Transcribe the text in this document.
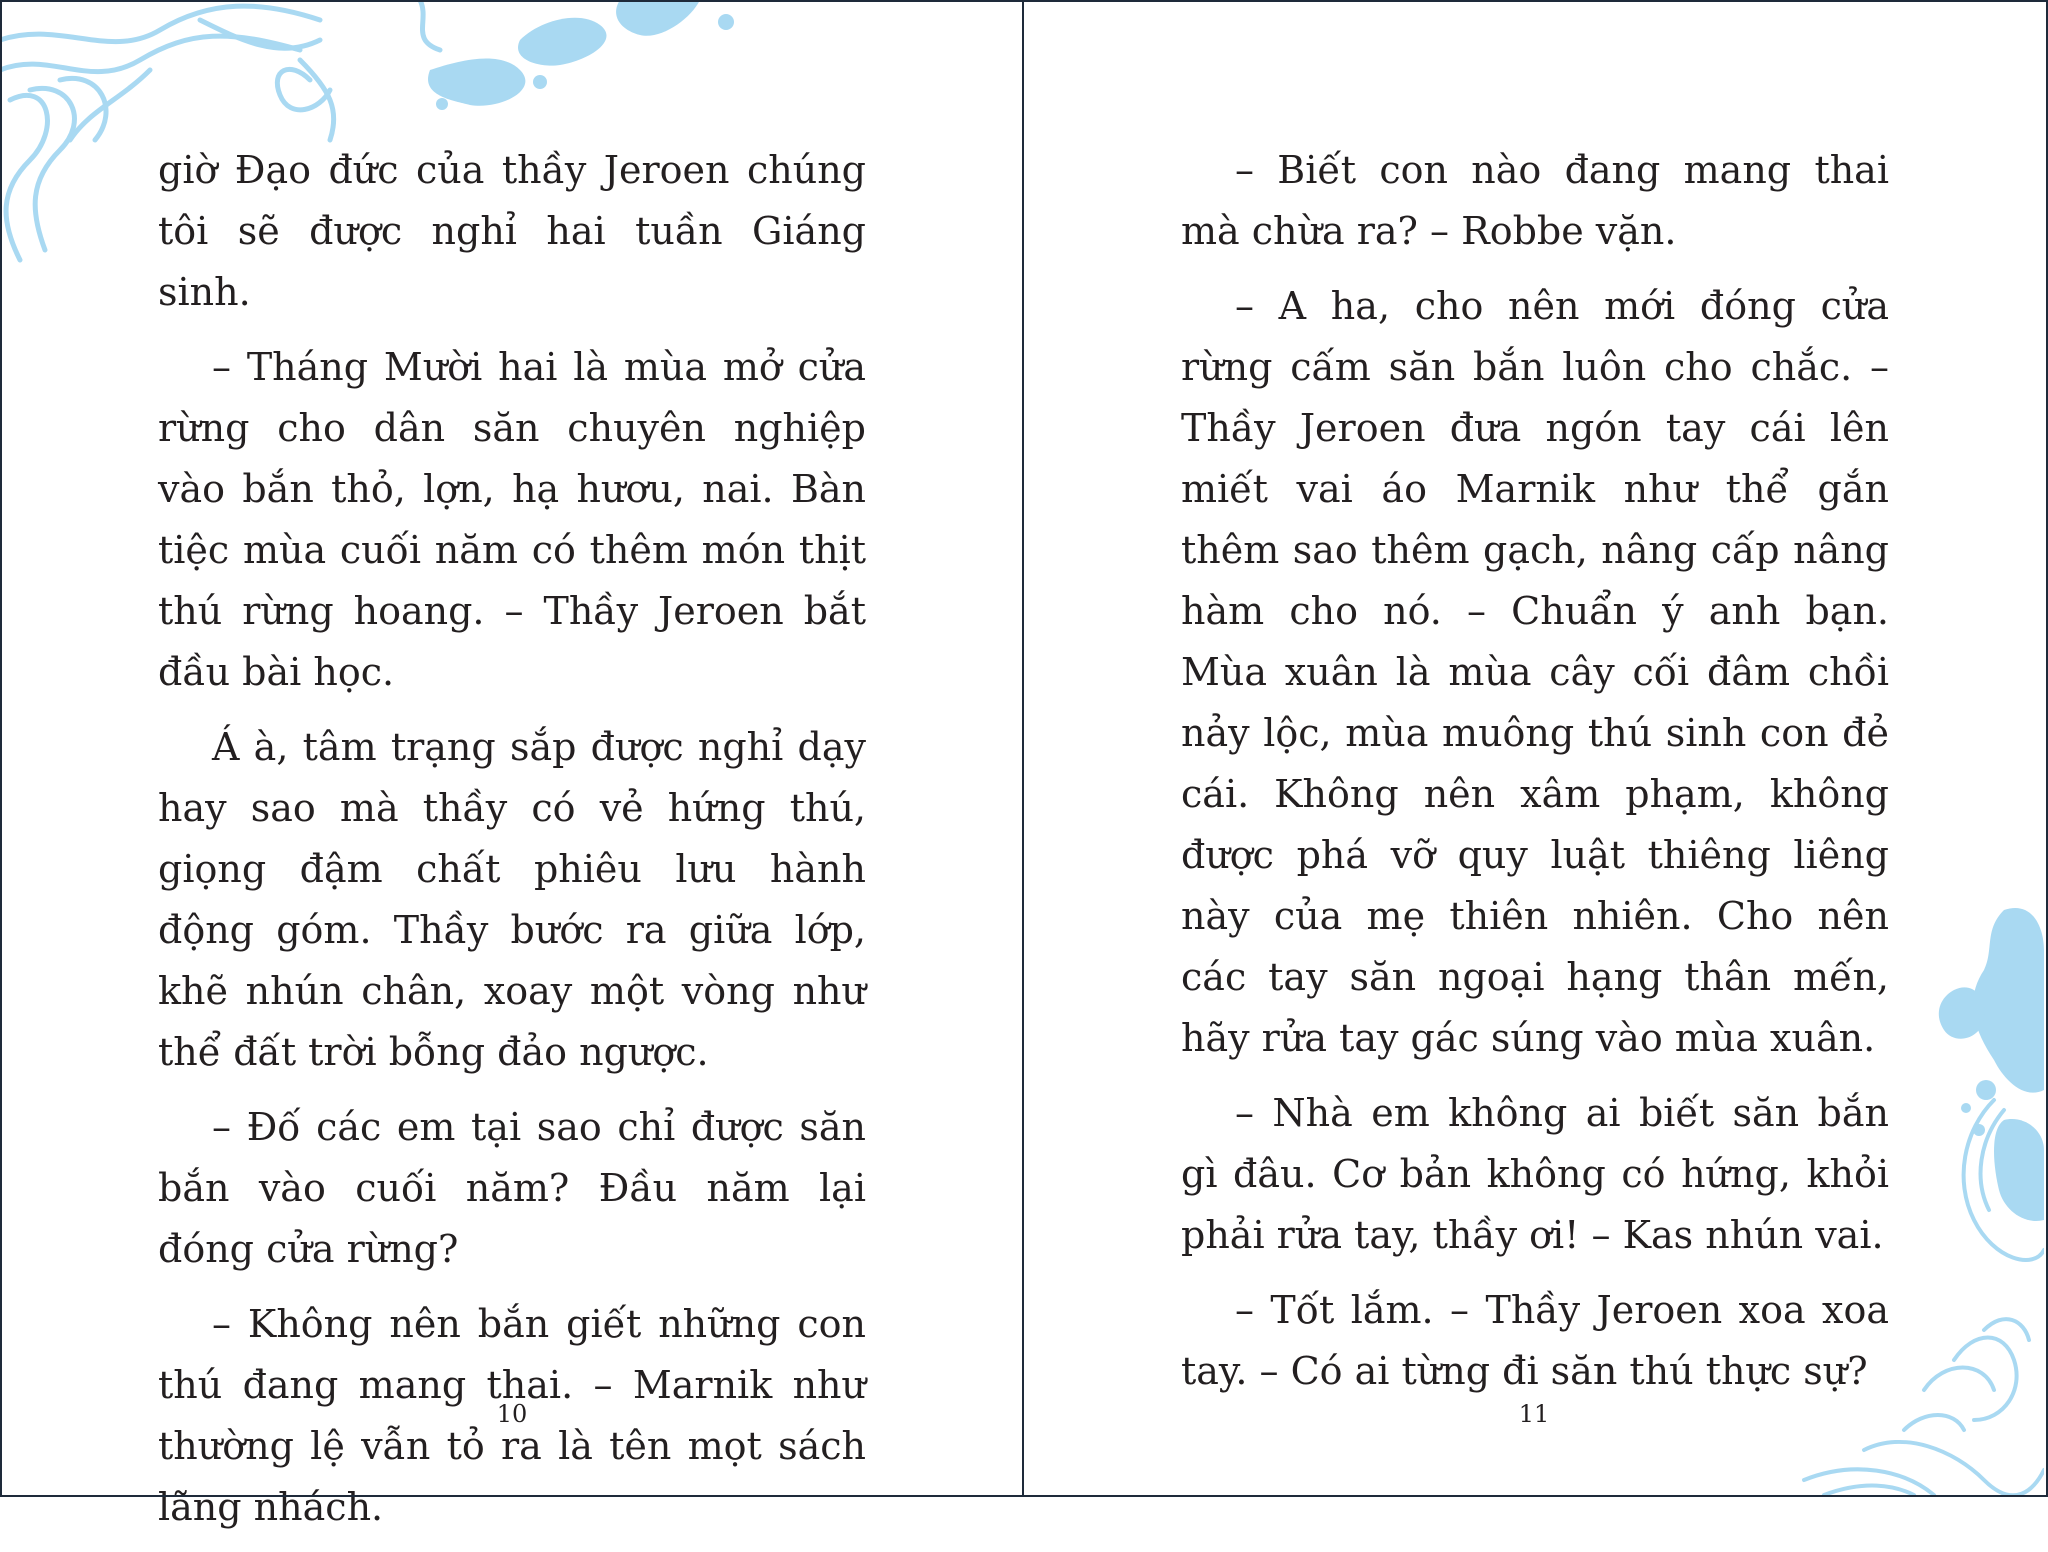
giờ Đạo đức của thầy Jeroen chúng tôi sẽ được nghỉ hai tuần Giáng sinh.

– Tháng Mười hai là mùa mở cửa rừng cho dân săn chuyên nghiệp vào bắn thỏ, lợn, hạ hươu, nai. Bàn tiệc mùa cuối năm có thêm món thịt thú rừng hoang. – Thầy Jeroen bắt đầu bài học.

Á à, tâm trạng sắp được nghỉ dạy hay sao mà thầy có vẻ hứng thú, giọng đậm chất phiêu lưu hành động góm. Thầy bước ra giữa lớp, khẽ nhún chân, xoay một vòng như thể đất trời bỗng đảo ngược.

– Đố các em tại sao chỉ được săn bắn vào cuối năm? Đầu năm lại đóng cửa rừng?

– Không nên bắn giết những con thú đang mang thai. – Marnik như thường lệ vẫn tỏ ra là tên mọt sách lãng nhách.

10

– Biết con nào đang mang thai mà chừa ra? – Robbe vặn.

– A ha, cho nên mới đóng cửa rừng cấm săn bắn luôn cho chắc. – Thầy Jeroen đưa ngón tay cái lên miết vai áo Marnik như thể gắn thêm sao thêm gạch, nâng cấp nâng hàm cho nó. – Chuẩn ý anh bạn. Mùa xuân là mùa cây cối đâm chồi nảy lộc, mùa muông thú sinh con đẻ cái. Không nên xâm phạm, không được phá vỡ quy luật thiêng liêng này của mẹ thiên nhiên. Cho nên các tay săn ngoại hạng thân mến, hãy rửa tay gác súng vào mùa xuân.

– Nhà em không ai biết săn bắn gì đâu. Cơ bản không có hứng, khỏi phải rửa tay, thầy ơi! – Kas nhún vai.

– Tốt lắm. – Thầy Jeroen xoa xoa tay. – Có ai từng đi săn thú thực sự?

11
